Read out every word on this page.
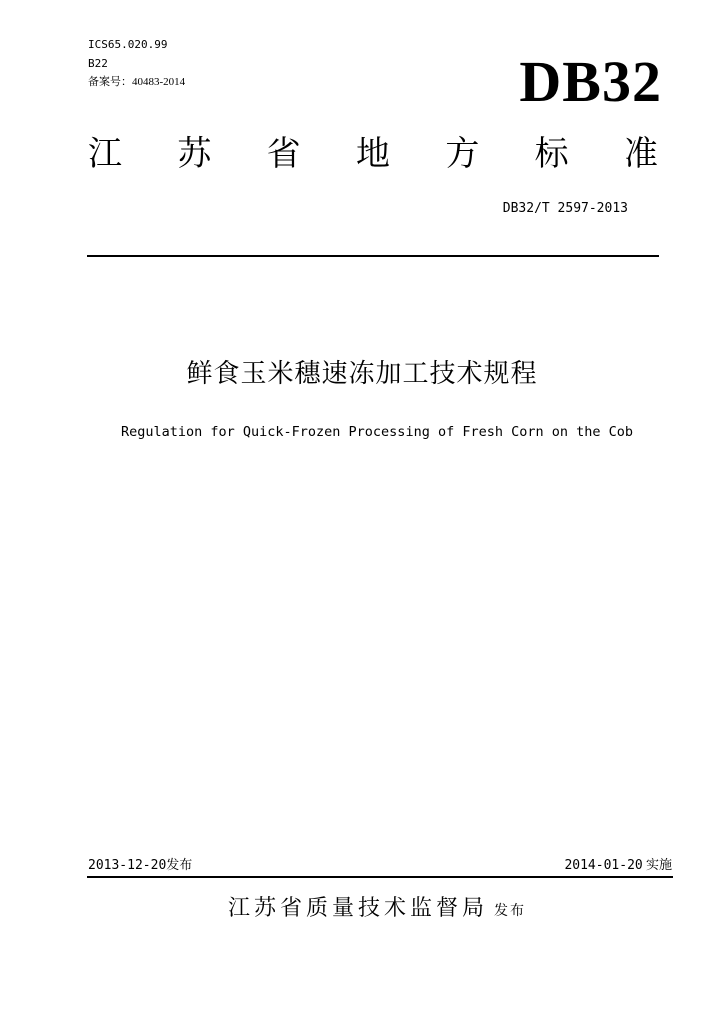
ICS65.020.99
B22
备案号：40483-2014	DB32
江 苏 省 地 方 标 准
DB32/T 2597-2013
鲜食玉米穗速冻加工技术规程
Regulation for Quick-Frozen Processing of Fresh Corn on the Cob
2013-12-20发布	2014-01-20 实施
江苏省质量技术监督局 发布
